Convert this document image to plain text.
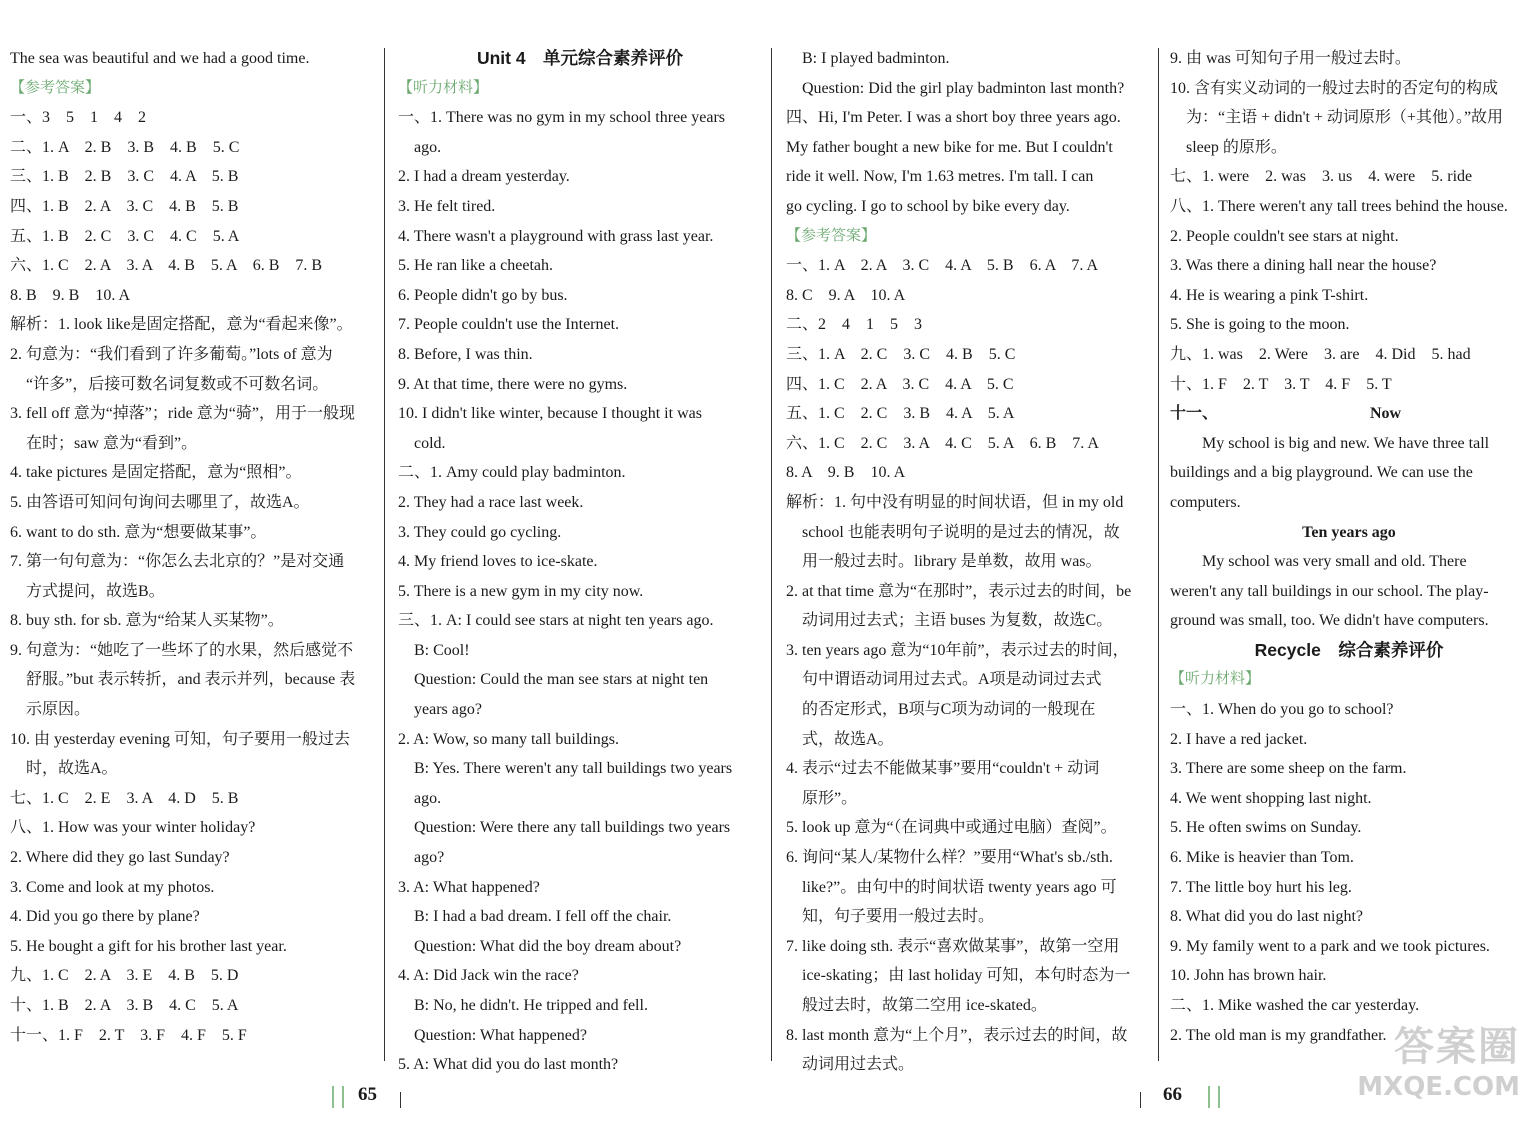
The sea was beautiful and we had a good time.
【参考答案】
一、3　5　1　4　2
二、1. A　2. B　3. B　4. B　5. C
三、1. B　2. B　3. C　4. A　5. B
四、1. B　2. A　3. C　4. B　5. B
五、1. B　2. C　3. C　4. C　5. A
六、1. C　2. A　3. A　4. B　5. A　6. B　7. B
8. B　9. B　10. A
解析：1. look like是固定搭配，意为“看起来像”。
2. 句意为：“我们看到了许多葡萄。”lots of 意为
“许多”，后接可数名词复数或不可数名词。
3. fell off 意为“掉落”；ride 意为“骑”，用于一般现
在时；saw 意为“看到”。
4. take pictures 是固定搭配，意为“照相”。
5. 由答语可知问句询问去哪里了，故选A。
6. want to do sth. 意为“想要做某事”。
7. 第一句句意为：“你怎么去北京的？”是对交通
方式提问，故选B。
8. buy sth. for sb. 意为“给某人买某物”。
9. 句意为：“她吃了一些坏了的水果，然后感觉不
舒服。”but 表示转折，and 表示并列，because 表
示原因。
10. 由 yesterday evening 可知，句子要用一般过去
时，故选A。
七、1. C　2. E　3. A　4. D　5. B
八、1. How was your winter holiday?
2. Where did they go last Sunday?
3. Come and look at my photos.
4. Did you go there by plane?
5. He bought a gift for his brother last year.
九、1. C　2. A　3. E　4. B　5. D
十、1. B　2. A　3. B　4. C　5. A
十一、1. F　2. T　3. F　4. F　5. F
Unit 4　单元综合素养评价
【听力材料】
一、1. There was no gym in my school three years
ago.
2. I had a dream yesterday.
3. He felt tired.
4. There wasn't a playground with grass last year.
5. He ran like a cheetah.
6. People didn't go by bus.
7. People couldn't use the Internet.
8. Before, I was thin.
9. At that time, there were no gyms.
10. I didn't like winter, because I thought it was
cold.
二、1. Amy could play badminton.
2. They had a race last week.
3. They could go cycling.
4. My friend loves to ice-skate.
5. There is a new gym in my city now.
三、1. A: I could see stars at night ten years ago.
B: Cool!
Question: Could the man see stars at night ten
years ago?
2. A: Wow, so many tall buildings.
B: Yes. There weren't any tall buildings two years
ago.
Question: Were there any tall buildings two years
ago?
3. A: What happened?
B: I had a bad dream. I fell off the chair.
Question: What did the boy dream about?
4. A: Did Jack win the race?
B: No, he didn't. He tripped and fell.
Question: What happened?
5. A: What did you do last month?
B: I played badminton.
Question: Did the girl play badminton last month?
四、Hi, I'm Peter. I was a short boy three years ago.
My father bought a new bike for me. But I couldn't
ride it well. Now, I'm 1.63 metres. I'm tall. I can
go cycling. I go to school by bike every day.
【参考答案】
一、1. A　2. A　3. C　4. A　5. B　6. A　7. A
8. C　9. A　10. A
二、2　4　1　5　3
三、1. A　2. C　3. C　4. B　5. C
四、1. C　2. A　3. C　4. A　5. C
五、1. C　2. C　3. B　4. A　5. A
六、1. C　2. C　3. A　4. C　5. A　6. B　7. A
8. A　9. B　10. A
解析：1. 句中没有明显的时间状语，但 in my old
school 也能表明句子说明的是过去的情况，故
用一般过去时。library 是单数，故用 was。
2. at that time 意为“在那时”，表示过去的时间，be
动词用过去式；主语 buses 为复数，故选C。
3. ten years ago 意为“10年前”，表示过去的时间，
句中谓语动词用过去式。A项是动词过去式
的否定形式，B项与C项为动词的一般现在
式，故选A。
4. 表示“过去不能做某事”要用“couldn't + 动词
原形”。
5. look up 意为“（在词典中或通过电脑）查阅”。
6. 询问“某人/某物什么样？”要用“What's sb./sth.
like?”。由句中的时间状语 twenty years ago 可
知，句子要用一般过去时。
7. like doing sth. 表示“喜欢做某事”，故第一空用
ice-skating；由 last holiday 可知，本句时态为一
般过去时，故第二空用 ice-skated。
8. last month 意为“上个月”，表示过去的时间，故
动词用过去式。
9. 由 was 可知句子用一般过去时。
10. 含有实义动词的一般过去时的否定句的构成
为：“主语 + didn't + 动词原形（+其他）。”故用
sleep 的原形。
七、1. were　2. was　3. us　4. were　5. ride
八、1. There weren't any tall trees behind the house.
2. People couldn't see stars at night.
3. Was there a dining hall near the house?
4. He is wearing a pink T-shirt.
5. She is going to the moon.
九、1. was　2. Were　3. are　4. Did　5. had
十、1. F　2. T　3. T　4. F　5. T
十一、　　　　　　　　　　Now
My school is big and new. We have three tall
buildings and a big playground. We can use the
computers.
Ten years ago
My school was very small and old. There
weren't any tall buildings in our school. The play-
ground was small, too. We didn't have computers.
Recycle　综合素养评价
【听力材料】
一、1. When do you go to school?
2. I have a red jacket.
3. There are some sheep on the farm.
4. We went shopping last night.
5. He often swims on Sunday.
6. Mike is heavier than Tom.
7. The little boy hurt his leg.
8. What did you do last night?
9. My family went to a park and we took pictures.
10. John has brown hair.
二、1. Mike washed the car yesterday.
2. The old man is my grandfather.
65	66
答案圈
MXQE.COM
